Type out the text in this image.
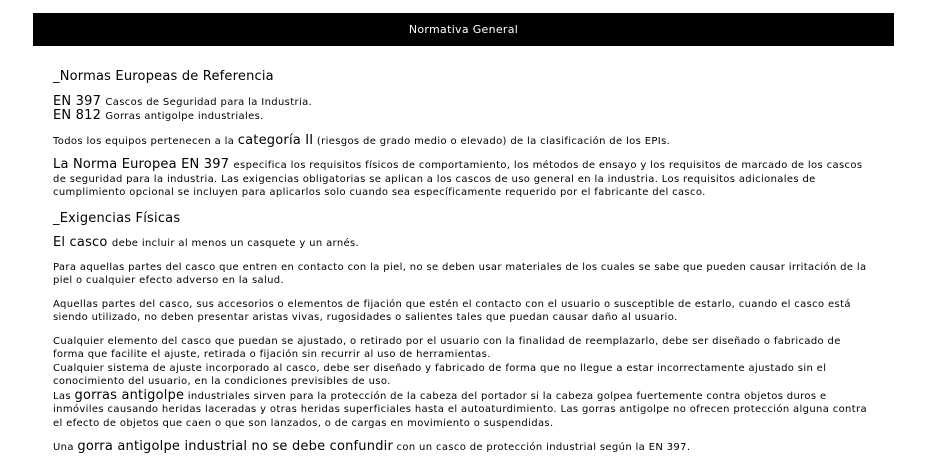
Normativa General
_Normas Europeas de Referencia
EN 397 Cascos de Seguridad para la Industria.
EN 812 Gorras antigolpe industriales.
Todos los equipos pertenecen a la categoría II (riesgos de grado medio o elevado) de la clasificación de los EPIs.
La Norma Europea EN 397 especifica los requisitos físicos de comportamiento, los métodos de ensayo y los requisitos de marcado de los cascos de seguridad para la industria. Las exigencias obligatorias se aplican a los cascos de uso general en la industria. Los requisitos adicionales de cumplimiento opcional se incluyen para aplicarlos solo cuando sea específicamente requerido por el fabricante del casco.
_Exigencias Físicas
El casco debe incluir al menos un casquete y un arnés.
Para aquellas partes del casco que entren en contacto con la piel, no se deben usar materiales de los cuales se sabe que pueden causar irritación de la piel o cualquier efecto adverso en la salud.
Aquellas partes del casco, sus accesorios o elementos de fijación que estén el contacto con el usuario o susceptible de estarlo, cuando el casco está siendo utilizado, no deben presentar aristas vivas, rugosidades o salientes tales que puedan causar daño al usuario.
Cualquier elemento del casco que puedan se ajustado, o retirado por el usuario con la finalidad de reemplazarlo, debe ser diseñado o fabricado de forma que facilite el ajuste, retirada o fijación sin recurrir al uso de herramientas.
Cualquier sistema de ajuste incorporado al casco, debe ser diseñado y fabricado de forma que no llegue a estar incorrectamente ajustado sin el conocimiento del usuario, en la condiciones previsibles de uso.
Las gorras antigolpe industriales sirven para la protección de la cabeza del portador si la cabeza golpea fuertemente contra objetos duros e inmóviles causando heridas laceradas y otras heridas superficiales hasta el autoaturdimiento. Las gorras antigolpe no ofrecen protección alguna contra el efecto de objetos que caen o que son lanzados, o de cargas en movimiento o suspendidas.
Una gorra antigolpe industrial no se debe confundir con un casco de protección industrial según la EN 397.
